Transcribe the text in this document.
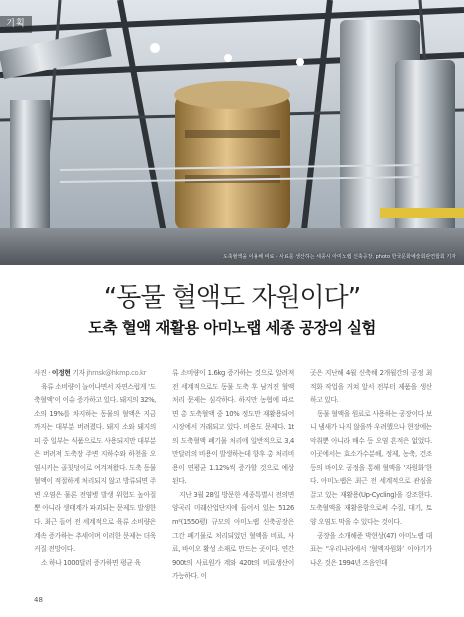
기획
도축혈액을 이용해 비료 · 사료를 생산하는 세종시 아미노랩 신축공장. photo 한국문화예술회관연합회 기자
“동물 혈액도 자원이다”
도축 혈액 재활용 아미노랩 세종 공장의 실험

사진 · 이정현 기자 jhmsk@hkmp.co.kr

육류 소비량이 늘어나면서 자연스럽게 ‘도축혈액’이 이슈 증가하고 있다. 돼지의 32%, 소의 19%를 차지하는 동물의 혈액은 지금까지는 대부분 버려졌다. 돼지 소와 돼지의 피 중 일부는 식품으로도 사용되지만 대부분은 버려져 도축장 주변 지하수와 하천을 오염시키는 골칫덩이로 여겨져왔다. 도축 동물 혈액이 적절하게 처리되지 않고 방류되면 주변 오염은 물론 전염병 발생 위험도 높아질 뿐 아니라 생태계가 파괴되는 문제도 발생한다. 최근 들어 전 세계적으로 육류 소비량은 계속 증가하는 추세이며 이러한 문제는 더욱 커질 전망이다.

소 하나 1000달러 증가하면 평균 육

류 소비량이 1.6kg 증가하는 것으로 알려져 전 세계적으로도 동물 도축 후 남겨진 혈액 처리 문제는 심각하다. 하지만 농협에 따르면 총 도축혈액 중 10% 정도만 재활용되어 시장에서 거래되고 있다. 비용도 문제다. 1t의 도축혈액 폐기물 처리에 일반적으로 3,4만달러의 비용이 발생하는데 향후 총 처리비용이 연평균 1.12%씩 증가할 것으로 예상된다.

지난 3월 28일 방문한 세종특별시 전의면 양곡리 미래산업단지에 들어서 있는 5126m²(1550평) 규모의 아미노랩 신축공장은 그간 폐기물로 처리되었던 혈액을 비료, 사료, 바이오 활성 소재로 만드는 곳이다. 연간 900t의 사료원가 계와 420t의 비료생산이 가능하다. 이

곳은 지난해 4월 신축해 2개월간의 공정 최적화 작업을 거쳐 앞서 전부터 제품을 생산하고 있다.

동물 혈액을 원료로 사용하는 공장이다 보니 냄새가 나지 않을까 우려했으나 현장에는 악취뿐 아니라 배수 등 오염 흔적은 없었다. 이곳에서는 효소가수분해, 정제, 농축, 건조 등의 바이오 공정을 통해 혈액을 ‘자원화’한다. 아미노랩은 최근 전 세계적으로 관심을 끌고 있는 재활용(Up-Cycling)을 강조한다. 도축혈액을 재활용함으로써 수질, 대기, 토양 오염도 막을 수 있다는 것이다.

공장을 소개해준 박현상(47) 아미노랩 대표는 “우리나라에서 ‘혈액자원화’ 이야기가 나온 것은 1994년 즈음인데

48
